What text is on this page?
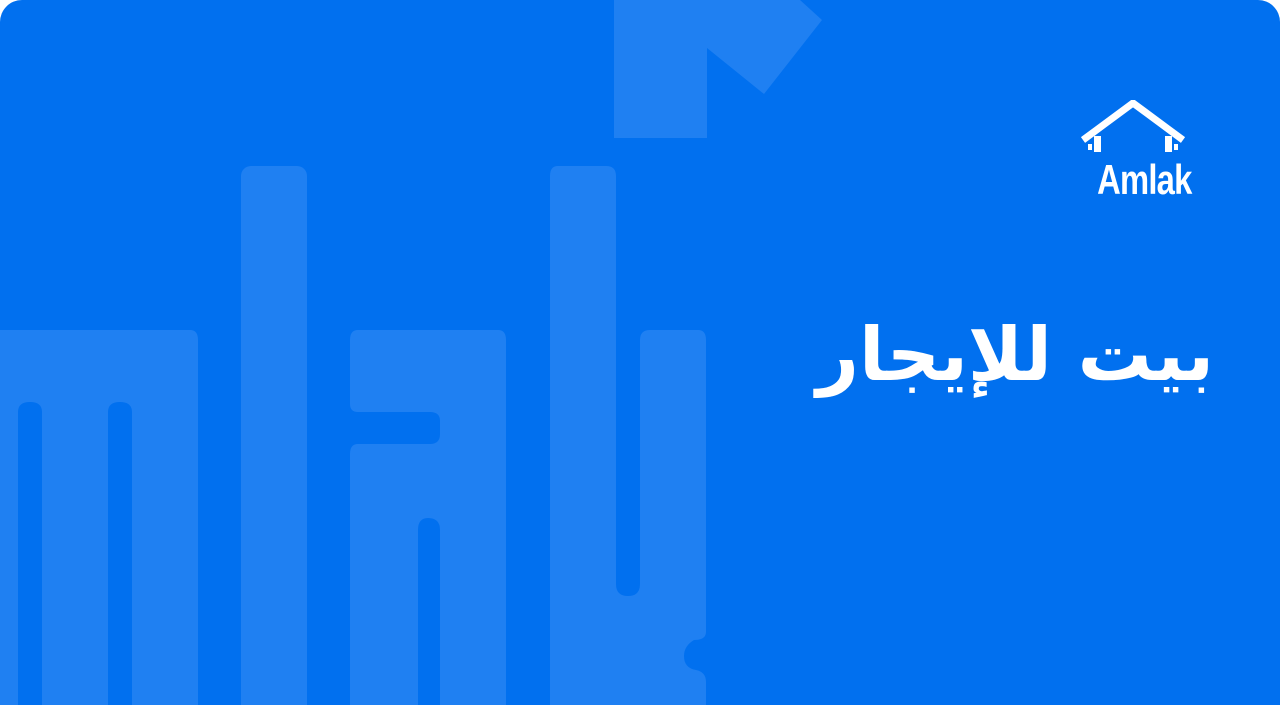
Amlak
بيت للإيجار
